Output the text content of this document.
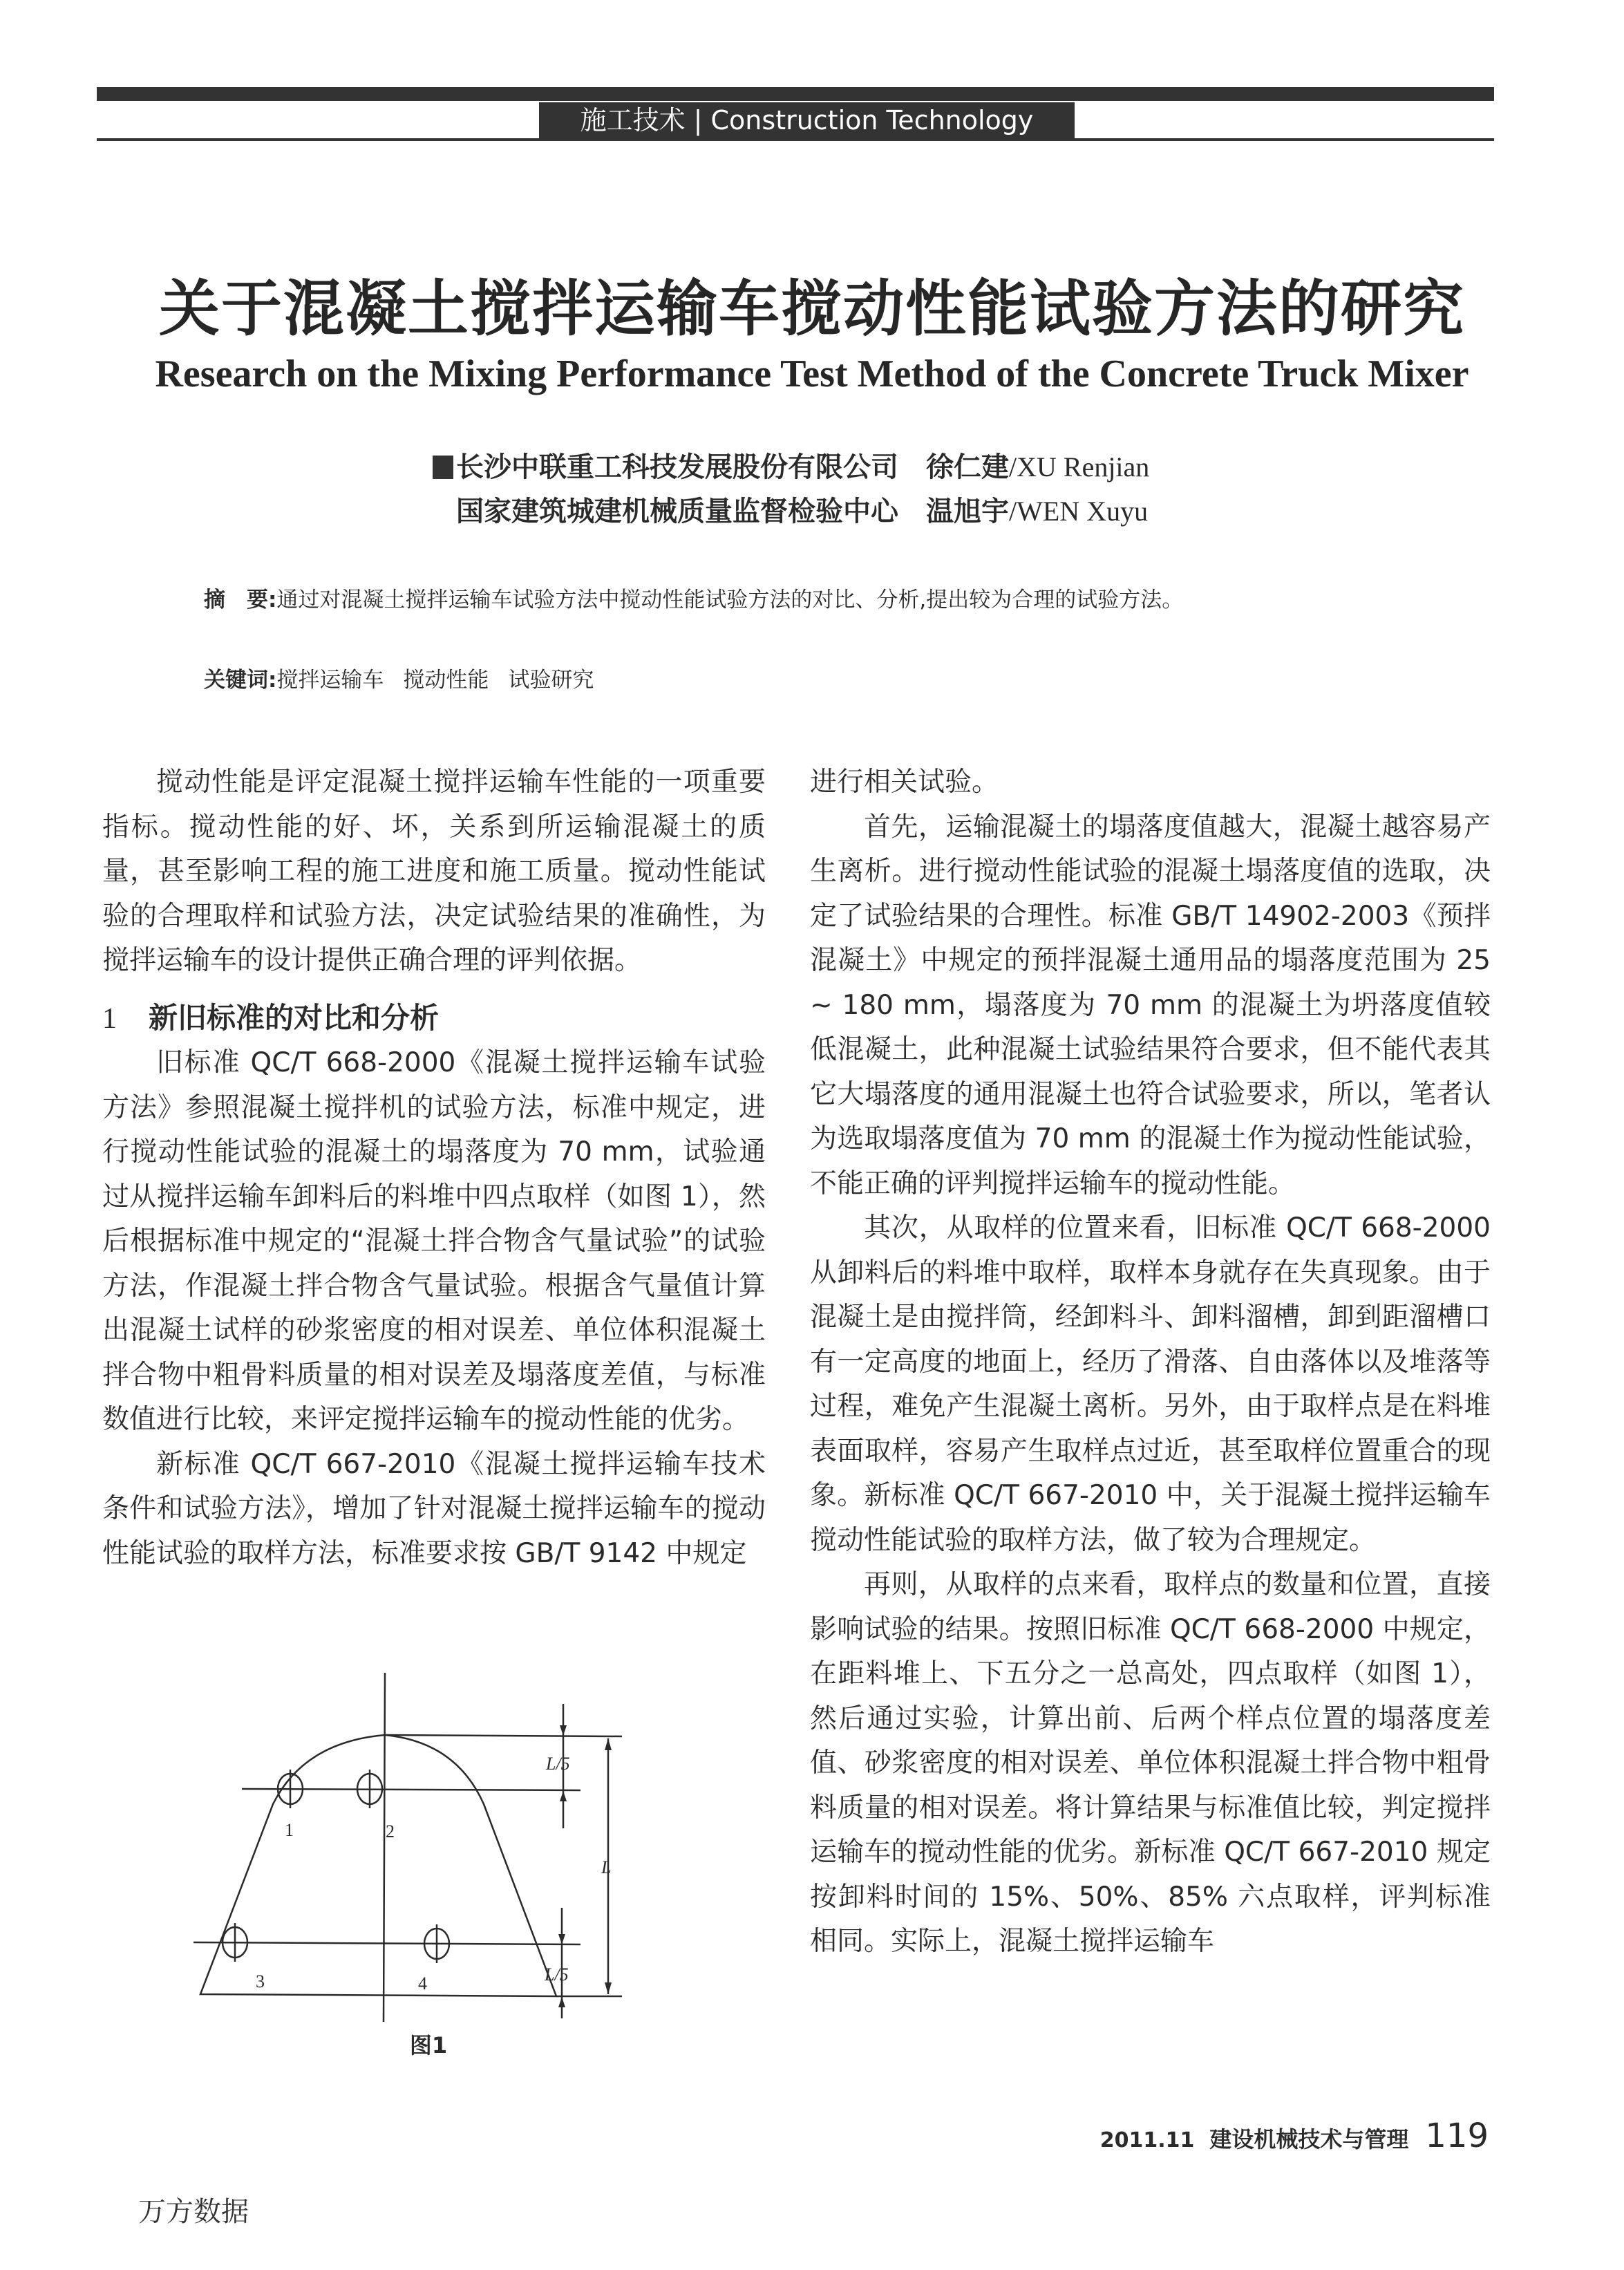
施工技术 | Construction Technology
关于混凝土搅拌运输车搅动性能试验方法的研究
Research on the Mixing Performance Test Method of the Concrete Truck Mixer
长沙中联重工科技发展股份有限公司 徐仁建/XU Renjian
国家建筑城建机械质量监督检验中心 温旭宇/WEN Xuyu
摘　要:通过对混凝土搅拌运输车试验方法中搅动性能试验方法的对比、分析,提出较为合理的试验方法。
关键词:搅拌运输车 搅动性能 试验研究

搅动性能是评定混凝土搅拌运输车性能的一项重要指标。搅动性能的好、坏，关系到所运输混凝土的质量，甚至影响工程的施工进度和施工质量。搅动性能试验的合理取样和试验方法，决定试验结果的准确性，为搅拌运输车的设计提供正确合理的评判依据。

1 新旧标准的对比和分析

旧标准 QC/T 668-2000《混凝土搅拌运输车试验方法》参照混凝土搅拌机的试验方法，标准中规定，进行搅动性能试验的混凝土的塌落度为 70 mm，试验通过从搅拌运输车卸料后的料堆中四点取样（如图 1），然后根据标准中规定的“混凝土拌合物含气量试验”的试验方法，作混凝土拌合物含气量试验。根据含气量值计算出混凝土试样的砂浆密度的相对误差、单位体积混凝土拌合物中粗骨料质量的相对误差及塌落度差值，与标准数值进行比较，来评定搅拌运输车的搅动性能的优劣。

新标准 QC/T 667-2010《混凝土搅拌运输车技术条件和试验方法》，增加了针对混凝土搅拌运输车的搅动性能试验的取样方法，标准要求按 GB/T 9142 中规定

进行相关试验。

首先，运输混凝土的塌落度值越大，混凝土越容易产生离析。进行搅动性能试验的混凝土塌落度值的选取，决定了试验结果的合理性。标准 GB/T 14902-2003《预拌混凝土》中规定的预拌混凝土通用品的塌落度范围为 25 ~ 180 mm，塌落度为 70 mm 的混凝土为坍落度值较低混凝土，此种混凝土试验结果符合要求，但不能代表其它大塌落度的通用混凝土也符合试验要求，所以，笔者认为选取塌落度值为 70 mm 的混凝土作为搅动性能试验，不能正确的评判搅拌运输车的搅动性能。

其次，从取样的位置来看，旧标准 QC/T 668-2000 从卸料后的料堆中取样，取样本身就存在失真现象。由于混凝土是由搅拌筒，经卸料斗、卸料溜槽，卸到距溜槽口有一定高度的地面上，经历了滑落、自由落体以及堆落等过程，难免产生混凝土离析。另外，由于取样点是在料堆表面取样，容易产生取样点过近，甚至取样位置重合的现象。新标准 QC/T 667-2010 中，关于混凝土搅拌运输车搅动性能试验的取样方法，做了较为合理规定。

再则，从取样的点来看，取样点的数量和位置，直接影响试验的结果。按照旧标准 QC/T 668-2000 中规定，在距料堆上、下五分之一总高处，四点取样（如图 1），然后通过实验，计算出前、后两个样点位置的塌落度差值、砂浆密度的相对误差、单位体积混凝土拌合物中粗骨料质量的相对误差。将计算结果与标准值比较，判定搅拌运输车的搅动性能的优劣。新标准 QC/T 667-2010 规定按卸料时间的 15%、50%、85% 六点取样，评判标准相同。实际上，混凝土搅拌运输车

1	2
3	4
L/5
L
L/5
图1
2011.11 建设机械技术与管理 119
万方数据
